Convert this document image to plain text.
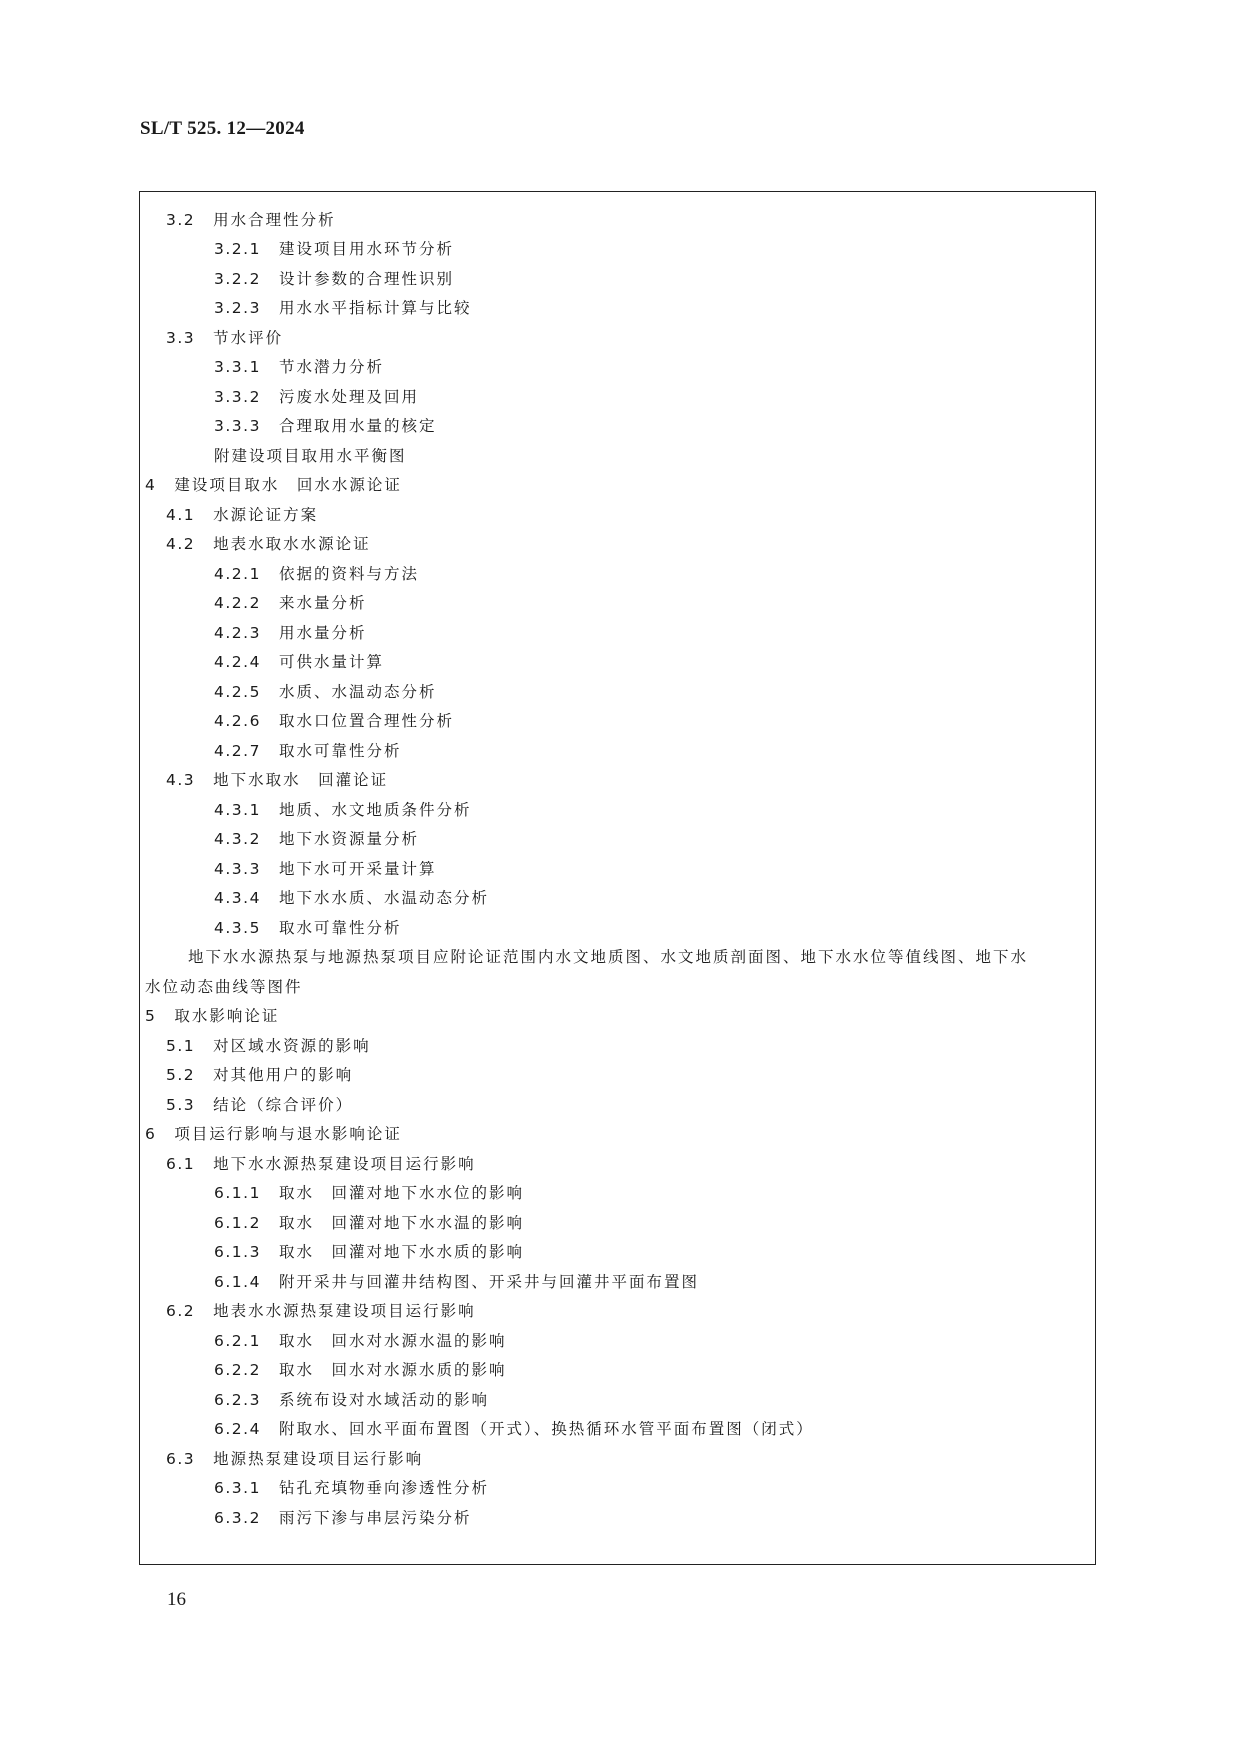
SL/T 525. 12—2024
3.2 用水合理性分析
3.2.1 建设项目用水环节分析
3.2.2 设计参数的合理性识别
3.2.3 用水水平指标计算与比较
3.3 节水评价
3.3.1 节水潜力分析
3.3.2 污废水处理及回用
3.3.3 合理取用水量的核定
附建设项目取用水平衡图
4 建设项目取水　回水水源论证
4.1 水源论证方案
4.2 地表水取水水源论证
4.2.1 依据的资料与方法
4.2.2 来水量分析
4.2.3 用水量分析
4.2.4 可供水量计算
4.2.5 水质、水温动态分析
4.2.6 取水口位置合理性分析
4.2.7 取水可靠性分析
4.3 地下水取水　回灌论证
4.3.1 地质、水文地质条件分析
4.3.2 地下水资源量分析
4.3.3 地下水可开采量计算
4.3.4 地下水水质、水温动态分析
4.3.5 取水可靠性分析
地下水水源热泵与地源热泵项目应附论证范围内水文地质图、水文地质剖面图、地下水水位等值线图、地下水
水位动态曲线等图件
5 取水影响论证
5.1 对区域水资源的影响
5.2 对其他用户的影响
5.3 结论（综合评价）
6 项目运行影响与退水影响论证
6.1 地下水水源热泵建设项目运行影响
6.1.1 取水　回灌对地下水水位的影响
6.1.2 取水　回灌对地下水水温的影响
6.1.3 取水　回灌对地下水水质的影响
6.1.4 附开采井与回灌井结构图、开采井与回灌井平面布置图
6.2 地表水水源热泵建设项目运行影响
6.2.1 取水　回水对水源水温的影响
6.2.2 取水　回水对水源水质的影响
6.2.3 系统布设对水域活动的影响
6.2.4 附取水、回水平面布置图（开式）、换热循环水管平面布置图（闭式）
6.3 地源热泵建设项目运行影响
6.3.1 钻孔充填物垂向渗透性分析
6.3.2 雨污下渗与串层污染分析
16
